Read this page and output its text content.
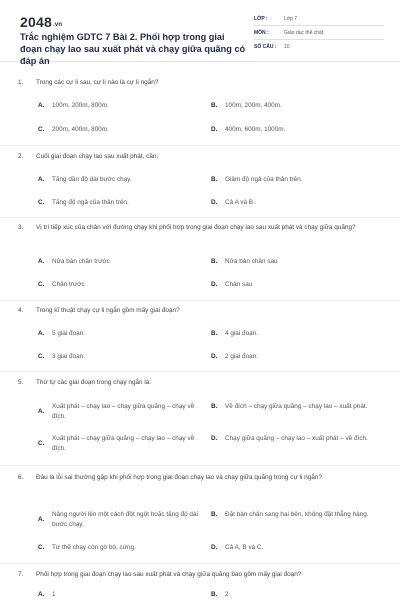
2048.vn
Trắc nghiệm GDTC 7 Bài 2. Phối hợp trong giai đoạn chạy lao sau xuất phát và chạy giữa quãng có đáp án
LỚP :	Lớp 7
MÔN :	Giáo dục thể chất
SỐ CÂU :	10
1.	Trong các cự li sau, cự li nào là cự li ngắn?
A.	100m, 200m, 800m.	B.	100m, 200m, 400m.
C.	200m, 400m, 800m.	D.	400m, 600m, 1000m.
2.	Cuối giai đoạn chạy lao sau xuất phát, cần:
A.	Tăng dần độ dài bước chạy.	B.	Giảm độ ngả của thân trên.
C.	Tăng độ ngả của thân trên.	D.	Cả A và B.
3.	Vị trí tiếp xúc của chân với đường chạy khi phối hợp trong giai đoạn chạy lao sau xuất phát và chạy giữa quãng?
A.	Nửa bàn chân trước	B.	Nửa bàn chân sau
C.	Chân trước	D.	Chân sau
4.	Trong kĩ thuật chạy cự li ngắn gồm mấy giai đoạn?
A.	5 giai đoạn.	B.	4 giai đoạn.
C.	3 giai đoạn.	D.	2 giai đoạn.
5.	Thứ tự các giai đoạn trong chạy ngắn là:
A.
Xuất phát – chạy lao – chạy giữa quãng – chạy về đích.
B.	Về đích – chạy giữa quãng – chạy lao – xuất phát.
C.
Xuất phát – chạy giữa quãng – chạy lao – chạy về đích.
D.	Chạy giữa quãng – chạy lao – xuất phát – về đích.
6.	Đâu là lỗi sai thường gặp khi phối hợp trong giai đoạn chạy lao và chạy giữa quãng trong cự li ngắn?
A.
Nâng người lên một cách đột ngột hoặc tăng độ dài bước chạy.
B.	Đặt bàn chân sang hai bên, không đặt thẳng hàng.
C.	Tư thế chạy còn gò bó, cứng.	D.	Cả A, B và C.
7.	Phối hợp trong giai đoạn chạy lao sau xuất phát và chạy giữa quãng bao gồm mấy giai đoạn?
A.	1	B.	2
